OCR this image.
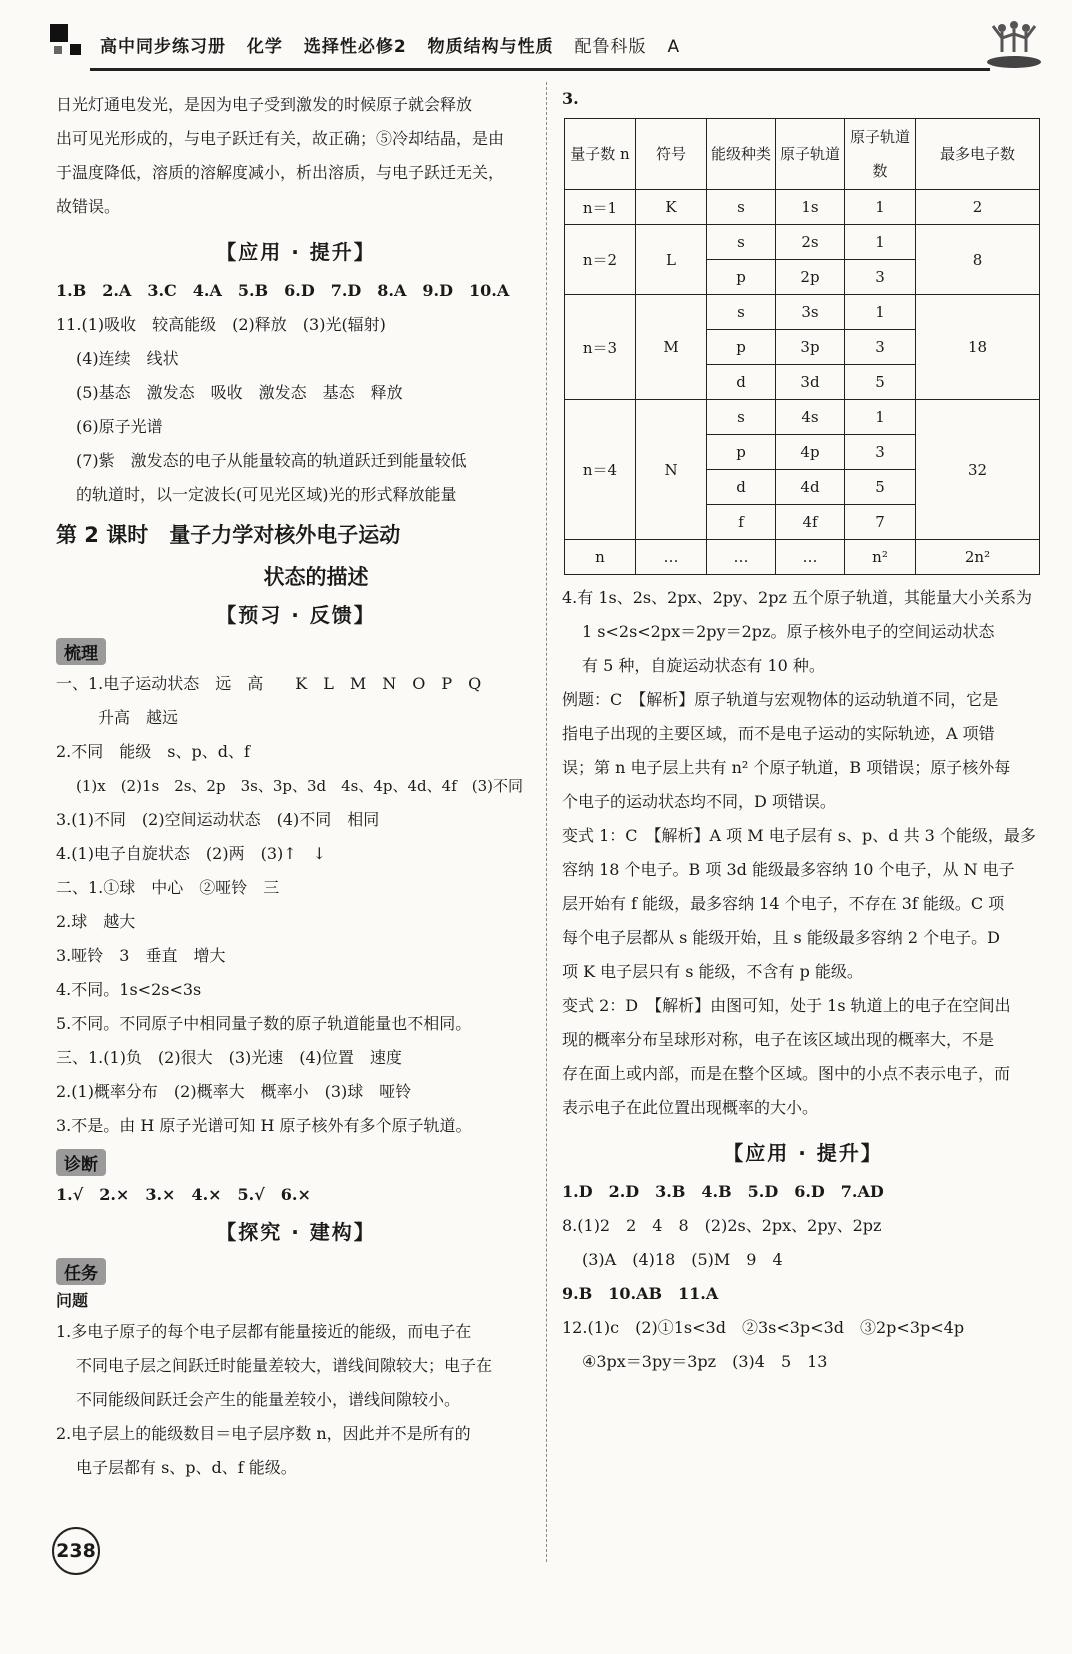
高中同步练习册 化学 选择性必修2 物质结构与性质 配鲁科版 A
日光灯通电发光，是因为电子受到激发的时候原子就会释放
出可见光形成的，与电子跃迁有关，故正确；⑤冷却结晶，是由
于温度降低，溶质的溶解度减小，析出溶质，与电子跃迁无关，
故错误。
【应用 · 提升】
1.B　2.A　3.C　4.A　5.B　6.D　7.D　8.A　9.D　10.A
11.(1)吸收　较高能级　(2)释放　(3)光(辐射)
(4)连续　线状
(5)基态　激发态　吸收　激发态　基态　释放
(6)原子光谱
(7)紫　激发态的电子从能量较高的轨道跃迁到能量较低
的轨道时，以一定波长(可见光区域)光的形式释放能量
第 2 课时　量子力学对核外电子运动
状态的描述
【预习 · 反馈】
梳理
一、1.电子运动状态　远　高　　K　L　M　N　O　P　Q
升高　越远
2.不同　能级　s、p、d、f
(1)x　(2)1s　2s、2p　3s、3p、3d　4s、4p、4d、4f　(3)不同
3.(1)不同　(2)空间运动状态　(4)不同　相同
4.(1)电子自旋状态　(2)两　(3)↑　↓
二、1.①球　中心　②哑铃　三
2.球　越大
3.哑铃　3　垂直　增大
4.不同。1s<2s<3s
5.不同。不同原子中相同量子数的原子轨道能量也不相同。
三、1.(1)负　(2)很大　(3)光速　(4)位置　速度
2.(1)概率分布　(2)概率大　概率小　(3)球　哑铃
3.不是。由 H 原子光谱可知 H 原子核外有多个原子轨道。
诊断
1.√　2.×　3.×　4.×　5.√　6.×
【探究 · 建构】
任务
问题
1.多电子原子的每个电子层都有能量接近的能级，而电子在
不同电子层之间跃迁时能量差较大，谱线间隙较大；电子在
不同能级间跃迁会产生的能量差较小，谱线间隙较小。
2.电子层上的能级数目＝电子层序数 n，因此并不是所有的
电子层都有 s、p、d、f 能级。
3.
量子数 n	符号	能级种类	原子轨道	原子轨道数	最多电子数
n＝1	K	s	1s	1	2
n＝2	L	s	2s	1	8
		p	2p	3	
n＝3	M	s	3s	1	18
		p	3p	3	
		d	3d	5	
n＝4	N	s	4s	1	32
		p	4p	3	
		d	4d	5	
		f	4f	7	
n	…	…	…	n²	2n²
4.有 1s、2s、2px、2py、2pz 五个原子轨道，其能量大小关系为
1 s<2s<2px＝2py＝2pz。原子核外电子的空间运动状态
有 5 种，自旋运动状态有 10 种。
例题：C　【解析】原子轨道与宏观物体的运动轨道不同，它是
指电子出现的主要区域，而不是电子运动的实际轨迹，A 项错
误；第 n 电子层上共有 n² 个原子轨道，B 项错误；原子核外每
个电子的运动状态均不同，D 项错误。
变式 1：C　【解析】A 项 M 电子层有 s、p、d 共 3 个能级，最多
容纳 18 个电子。B 项 3d 能级最多容纳 10 个电子，从 N 电子
层开始有 f 能级，最多容纳 14 个电子，不存在 3f 能级。C 项
每个电子层都从 s 能级开始，且 s 能级最多容纳 2 个电子。D
项 K 电子层只有 s 能级，不含有 p 能级。
变式 2：D　【解析】由图可知，处于 1s 轨道上的电子在空间出
现的概率分布呈球形对称，电子在该区域出现的概率大，不是
存在面上或内部，而是在整个区域。图中的小点不表示电子，而
表示电子在此位置出现概率的大小。
【应用 · 提升】
1.D　2.D　3.B　4.B　5.D　6.D　7.AD
8.(1)2　2　4　8　(2)2s、2px、2py、2pz
(3)A　(4)18　(5)M　9　4
9.B　10.AB　11.A
12.(1)c　(2)①1s<3d　②3s<3p<3d　③2p<3p<4p
④3px＝3py＝3pz　(3)4　5　13
238
